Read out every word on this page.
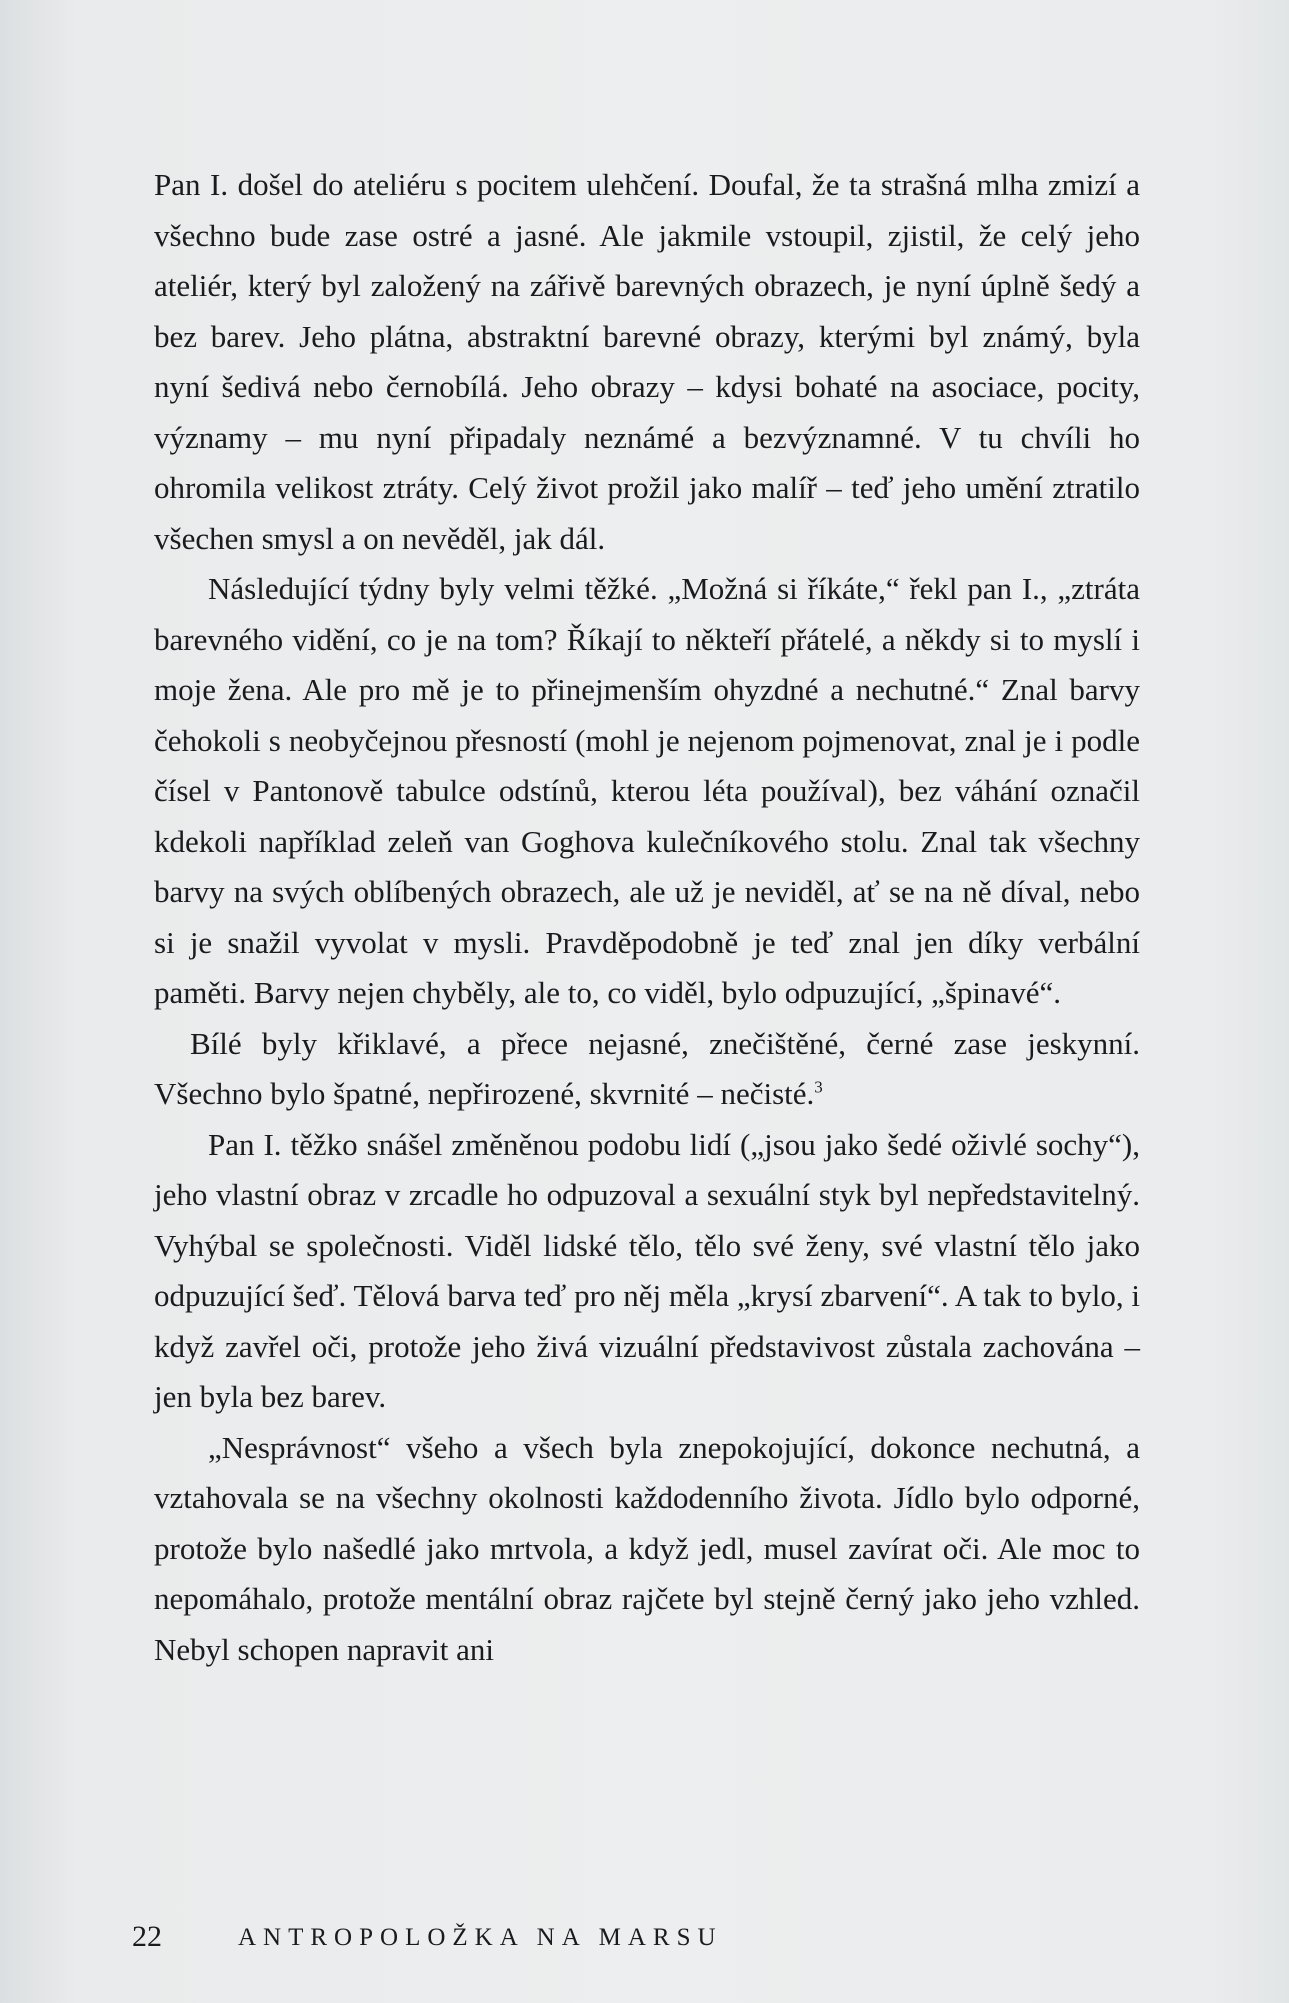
Pan I. došel do ateliéru s pocitem ulehčení. Doufal, že ta strašná mlha zmizí a všechno bude zase ostré a jasné. Ale jakmile vstoupil, zjistil, že celý jeho ateliér, který byl založený na zářivě barevných obrazech, je nyní úplně šedý a bez barev. Jeho plátna, abstraktní barevné obrazy, kterými byl známý, byla nyní šedivá nebo černobílá. Jeho obrazy – kdysi bohaté na asociace, pocity, významy – mu nyní připadaly neznámé a bezvýznamné. V tu chvíli ho ohromila velikost ztráty. Celý život prožil jako malíř – teď jeho umění ztratilo všechen smysl a on nevěděl, jak dál.

Následující týdny byly velmi těžké. „Možná si říkáte,“ řekl pan I., „ztráta barevného vidění, co je na tom? Říkají to někteří přátelé, a někdy si to myslí i moje žena. Ale pro mě je to přinejmenším ohyzdné a nechutné.“ Znal barvy čehokoli s neobyčejnou přesností (mohl je nejenom pojmenovat, znal je i podle čísel v Pantonově tabulce odstínů, kterou léta používal), bez váhání označil kdekoli například zeleň van Goghova kulečníkového stolu. Znal tak všechny barvy na svých oblíbených obrazech, ale už je neviděl, ať se na ně díval, nebo si je snažil vyvolat v mysli. Pravděpodobně je teď znal jen díky verbální paměti. Barvy nejen chyběly, ale to, co viděl, bylo odpuzující, „špinavé“.

Bílé byly křiklavé, a přece nejasné, znečištěné, černé zase jeskynní. Všechno bylo špatné, nepřirozené, skvrnité – nečisté.$^3$

Pan I. těžko snášel změněnou podobu lidí („jsou jako šedé oživlé sochy“), jeho vlastní obraz v zrcadle ho odpuzoval a sexuální styk byl nepředstavitelný. Vyhýbal se společnosti. Viděl lidské tělo, tělo své ženy, své vlastní tělo jako odpuzující šeď. Tělová barva teď pro něj měla „krysí zbarvení“. A tak to bylo, i když zavřel oči, protože jeho živá vizuální představivost zůstala zachována – jen byla bez barev.

„Nesprávnost“ všeho a všech byla znepokojující, dokonce nechutná, a vztahovala se na všechny okolnosti každodenního života. Jídlo bylo odporné, protože bylo našedlé jako mrtvola, a když jedl, musel zavírat oči. Ale moc to nepomáhalo, protože mentální obraz rajčete byl stejně černý jako jeho vzhled. Nebyl schopen napravit ani

22	ANTROPOLOŽKA NA MARSU
